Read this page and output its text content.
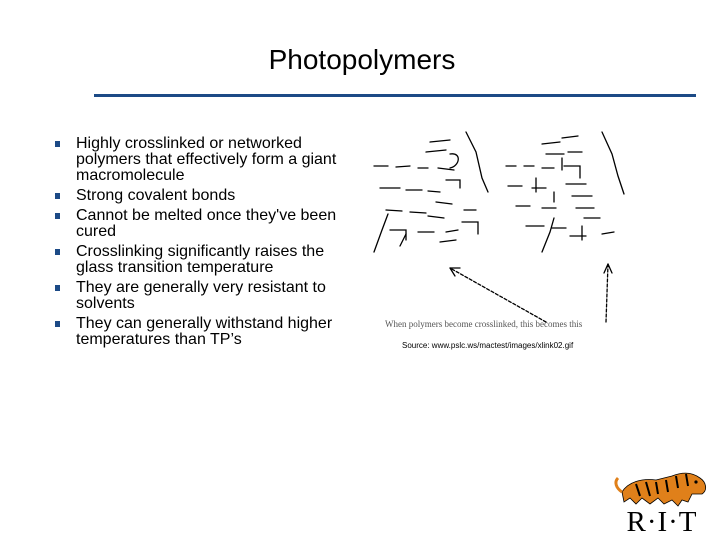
Photopolymers
Highly crosslinked or networked polymers that effectively form a giant macromolecule
Strong covalent bonds
Cannot be melted once they've been cured
Crosslinking significantly raises the glass transition temperature
They are generally very resistant to solvents
They can generally withstand higher temperatures than TP’s
When polymers become crosslinked, this becomes this
Source: www.pslc.ws/mactest/images/xlink02.gif
R·I·T
